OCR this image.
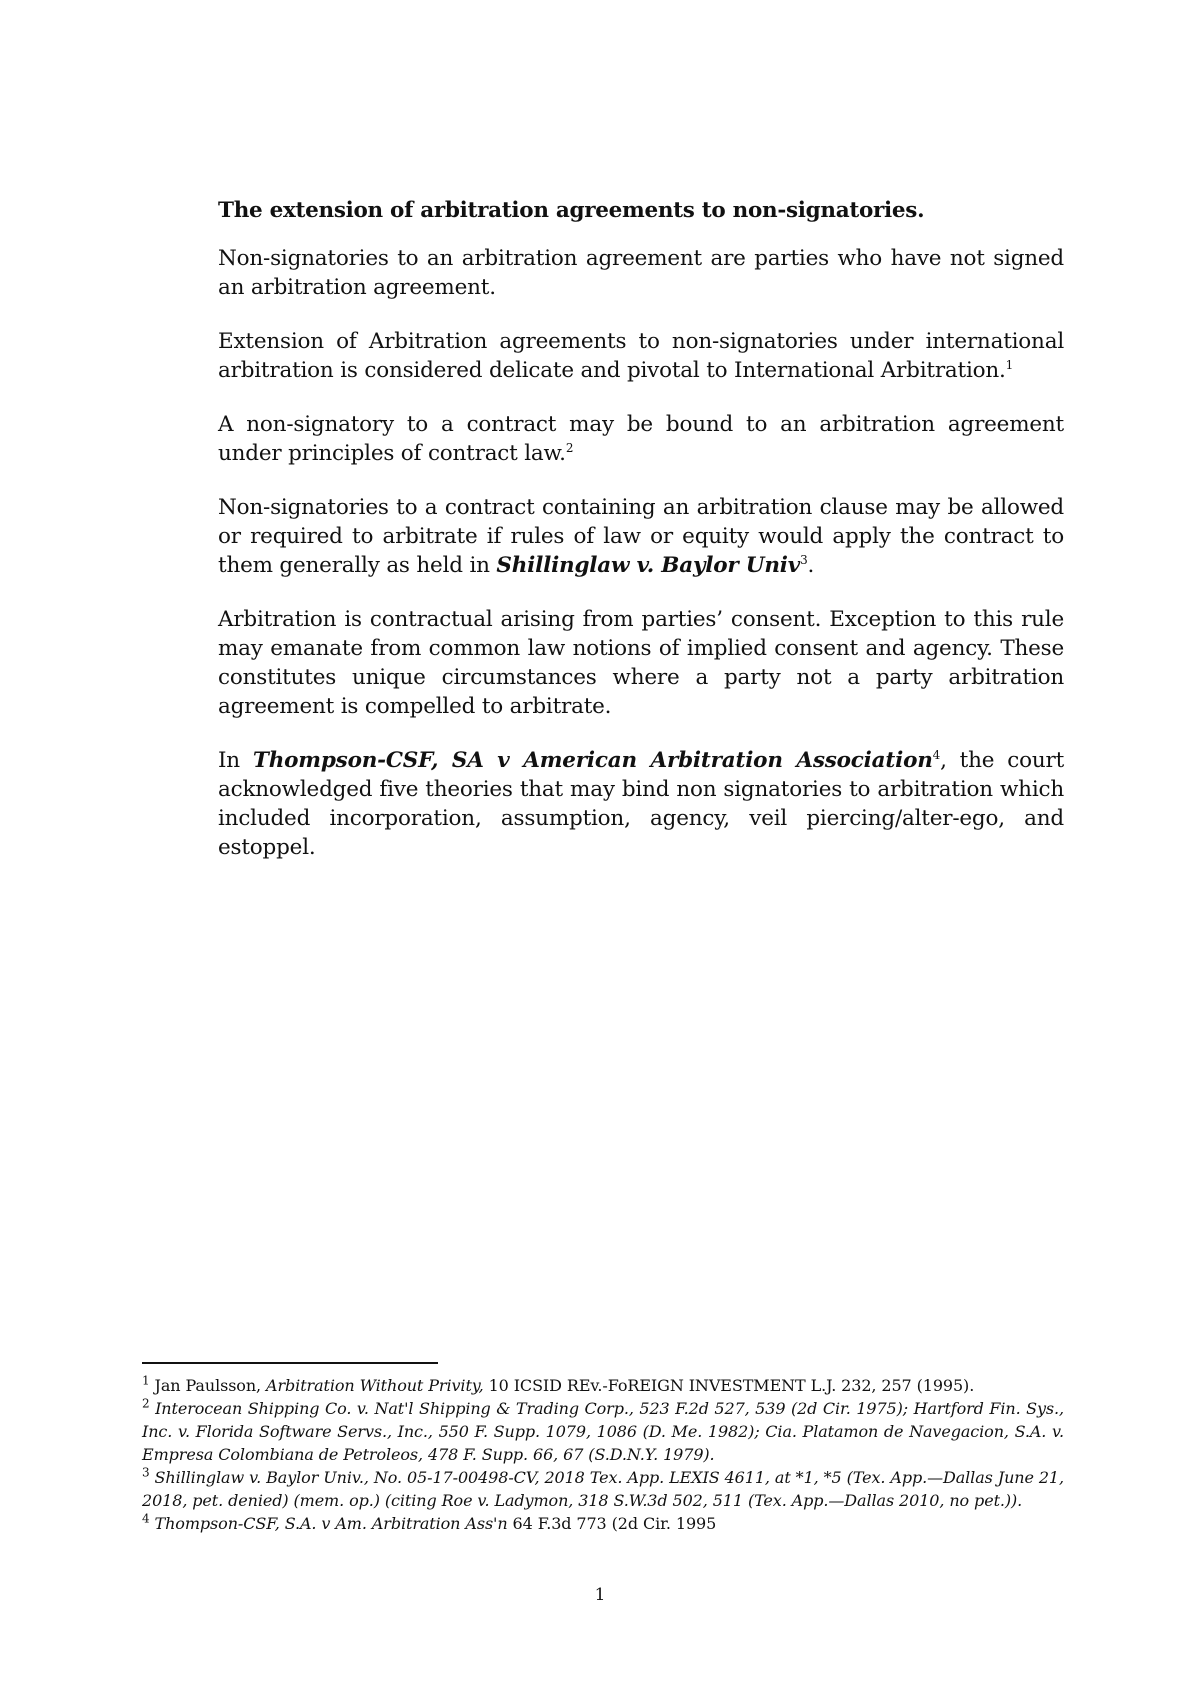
The extension of arbitration agreements to non-signatories.

Non-signatories to an arbitration agreement are parties who have not signed an arbitration agreement.

Extension of Arbitration agreements to non-signatories under international arbitration is considered delicate and pivotal to International Arbitration.$^1$

A non-signatory to a contract may be bound to an arbitration agreement under principles of contract law.$^2$

Non-signatories to a contract containing an arbitration clause may be allowed or required to arbitrate if rules of law or equity would apply the contract to them generally as held in Shillinglaw v. Baylor Univ$^3$.

Arbitration is contractual arising from parties’ consent. Exception to this rule may emanate from common law notions of implied consent and agency. These constitutes unique circumstances where a party not a party arbitration agreement is compelled to arbitrate.

In Thompson-CSF, SA v American Arbitration Association$^4$, the court acknowledged five theories that may bind non signatories to arbitration which included incorporation, assumption, agency, veil piercing/alter-ego, and estoppel.

$^1$ Jan Paulsson, Arbitration Without Privity, 10 ICSID REv.-FoREIGN INVESTMENT L.J. 232, 257 (1995).

$^2$ Interocean Shipping Co. v. Nat'l Shipping & Trading Corp., 523 F.2d 527, 539 (2d Cir. 1975); Hartford Fin. Sys., Inc. v. Florida Software Servs., Inc., 550 F. Supp. 1079, 1086 (D. Me. 1982); Cia. Platamon de Navegacion, S.A. v. Empresa Colombiana de Petroleos, 478 F. Supp. 66, 67 (S.D.N.Y. 1979).

$^3$ Shillinglaw v. Baylor Univ., No. 05-17-00498-CV, 2018 Tex. App. LEXIS 4611, at *1, *5 (Tex. App.—Dallas June 21, 2018, pet. denied) (mem. op.) (citing Roe v. Ladymon, 318 S.W.3d 502, 511 (Tex. App.—Dallas 2010, no pet.)).

$^4$ Thompson-CSF, S.A. v Am. Arbitration Ass'n 64 F.3d 773 (2d Cir. 1995

1
